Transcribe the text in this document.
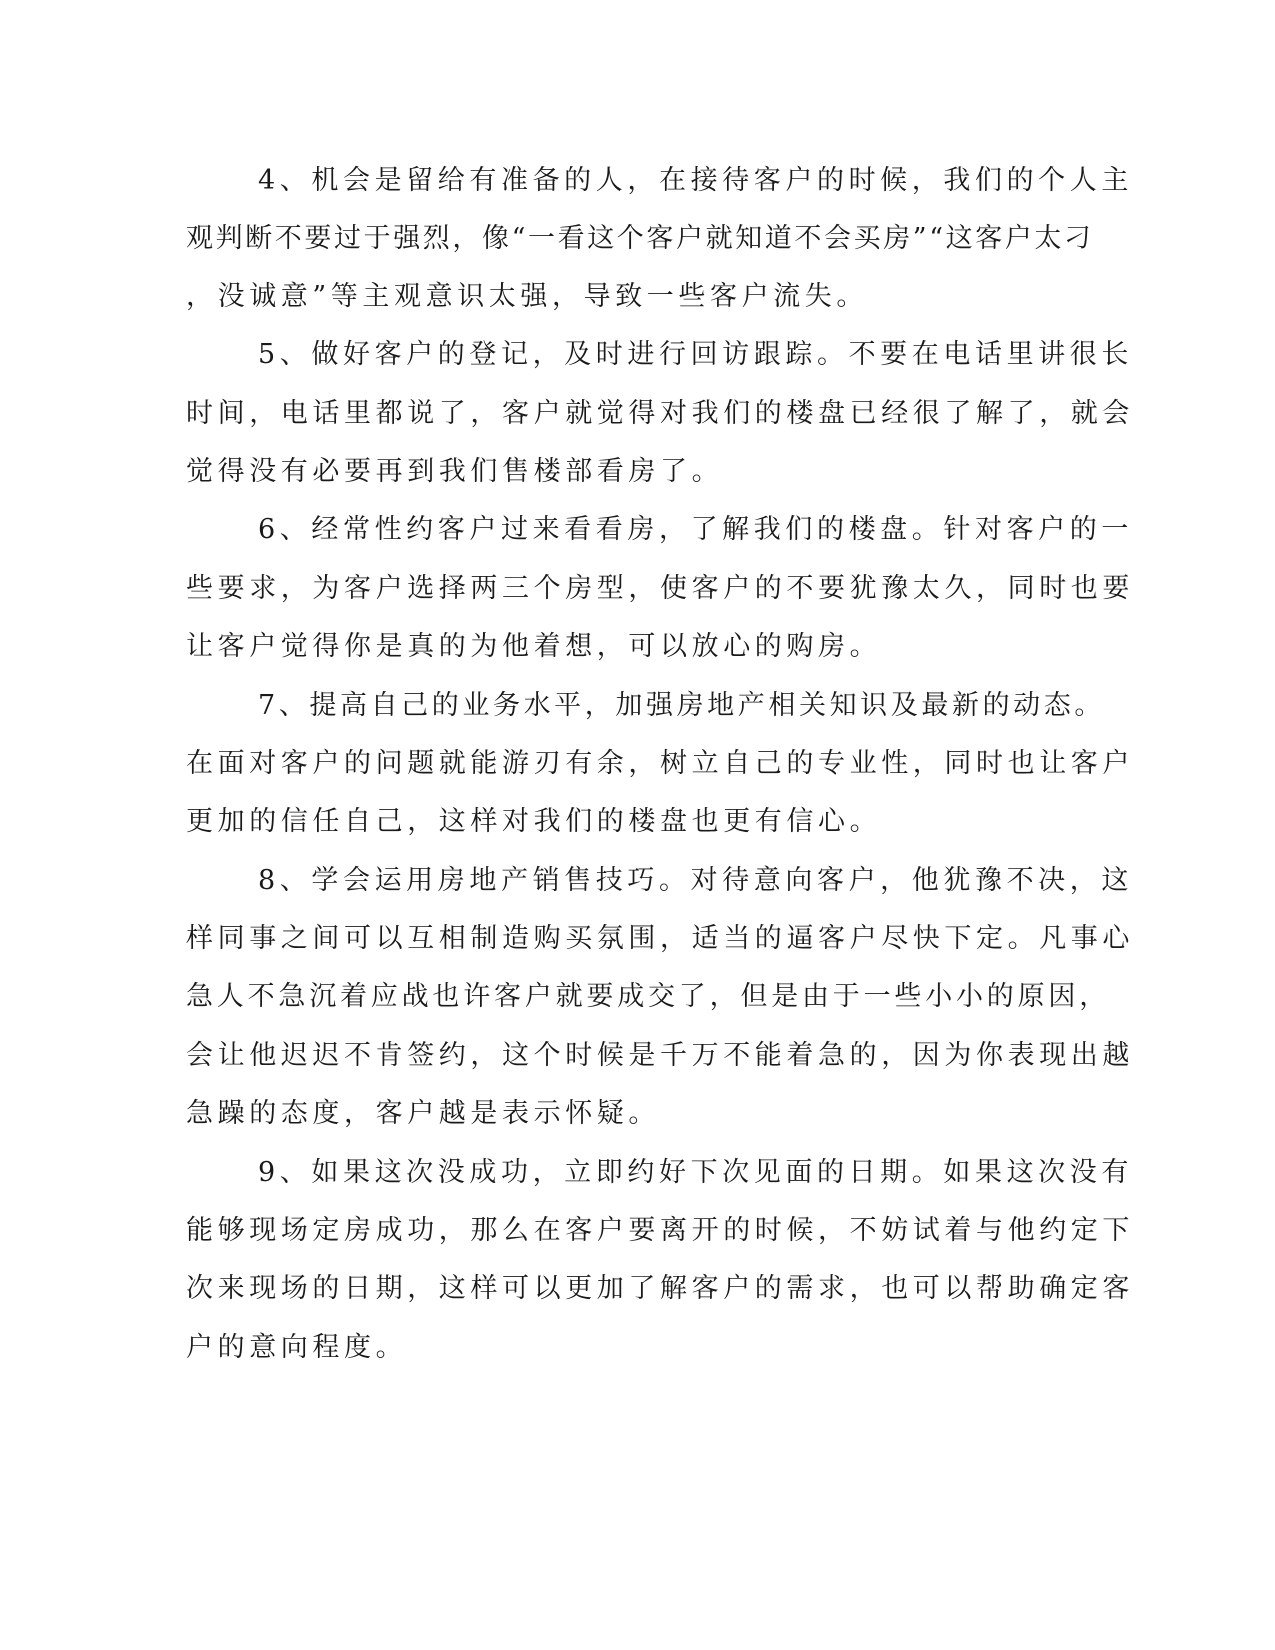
4、机会是留给有准备的人，在接待客户的时候，我们的个人主
观判断不要过于强烈，像“一看这个客户就知道不会买房”“这客户太刁
，没诚意”等主观意识太强，导致一些客户流失。
5、做好客户的登记，及时进行回访跟踪。不要在电话里讲很长
时间，电话里都说了，客户就觉得对我们的楼盘已经很了解了，就会
觉得没有必要再到我们售楼部看房了。
6、经常性约客户过来看看房，了解我们的楼盘。针对客户的一
些要求，为客户选择两三个房型，使客户的不要犹豫太久，同时也要
让客户觉得你是真的为他着想，可以放心的购房。
7、提高自己的业务水平，加强房地产相关知识及最新的动态。
在面对客户的问题就能游刃有余，树立自己的专业性，同时也让客户
更加的信任自己，这样对我们的楼盘也更有信心。
8、学会运用房地产销售技巧。对待意向客户，他犹豫不决，这
样同事之间可以互相制造购买氛围，适当的逼客户尽快下定。凡事心
急人不急沉着应战也许客户就要成交了，但是由于一些小小的原因，
会让他迟迟不肯签约，这个时候是千万不能着急的，因为你表现出越
急躁的态度，客户越是表示怀疑。
9、如果这次没成功，立即约好下次见面的日期。如果这次没有
能够现场定房成功，那么在客户要离开的时候，不妨试着与他约定下
次来现场的日期，这样可以更加了解客户的需求，也可以帮助确定客
户的意向程度。
